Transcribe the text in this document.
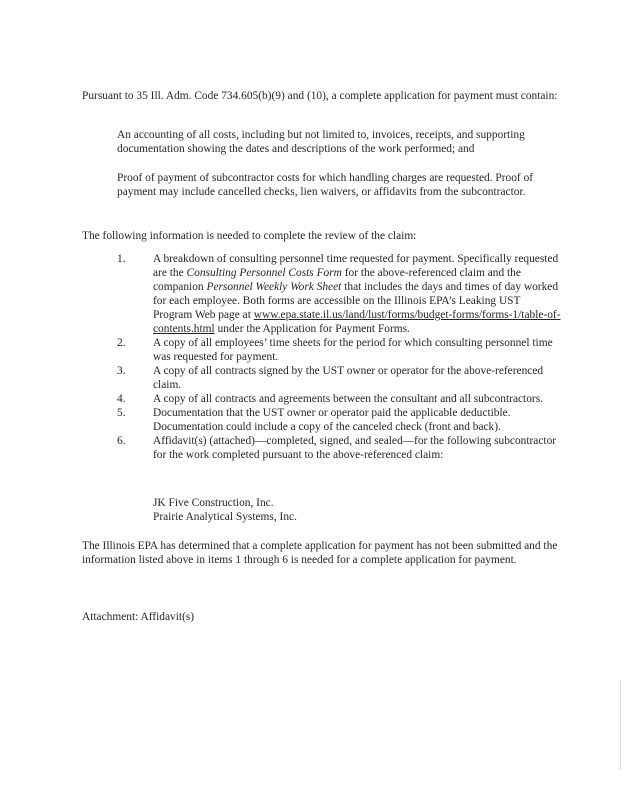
Pursuant to 35 Ill. Adm. Code 734.605(b)(9) and (10), a complete application for payment must contain:

An accounting of all costs, including but not limited to, invoices, receipts, and supporting documentation showing the dates and descriptions of the work performed; and

Proof of payment of subcontractor costs for which handling charges are requested. Proof of payment may include cancelled checks, lien waivers, or affidavits from the subcontractor.

The following information is needed to complete the review of the claim:

1. A breakdown of consulting personnel time requested for payment. Specifically requested are the Consulting Personnel Costs Form for the above-referenced claim and the companion Personnel Weekly Work Sheet that includes the days and times of day worked for each employee. Both forms are accessible on the Illinois EPA’s Leaking UST Program Web page at www.epa.state.il.us/land/lust/forms/budget-forms/forms-1/table-of-contents.html under the Application for Payment Forms.
2. A copy of all employees’ time sheets for the period for which consulting personnel time was requested for payment.
3. A copy of all contracts signed by the UST owner or operator for the above-referenced claim.
4. A copy of all contracts and agreements between the consultant and all subcontractors.
5. Documentation that the UST owner or operator paid the applicable deductible. Documentation could include a copy of the canceled check (front and back).
6. Affidavit(s) (attached)—completed, signed, and sealed—for the following subcontractor for the work completed pursuant to the above-referenced claim:
JK Five Construction, Inc.
Prairie Analytical Systems, Inc.

The Illinois EPA has determined that a complete application for payment has not been submitted and the information listed above in items 1 through 6 is needed for a complete application for payment.

Attachment: Affidavit(s)
